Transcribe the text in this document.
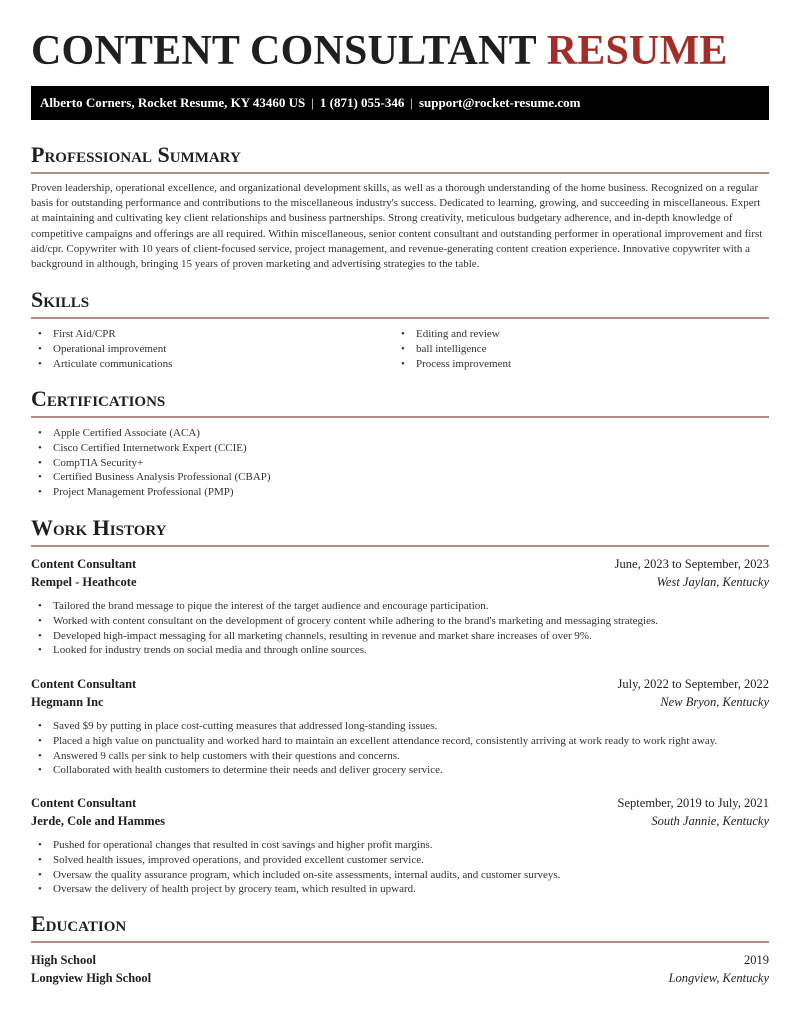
CONTENT CONSULTANT RESUME
Alberto Corners, Rocket Resume, KY 43460 US | 1 (871) 055-346 | support@rocket-resume.com
Professional Summary

Proven leadership, operational excellence, and organizational development skills, as well as a thorough understanding of the home business. Recognized on a regular basis for outstanding performance and contributions to the miscellaneous industry's success. Dedicated to learning, growing, and succeeding in miscellaneous. Expert at maintaining and cultivating key client relationships and business partnerships. Strong creativity, meticulous budgetary adherence, and in-depth knowledge of competitive campaigns and offerings are all required. Within miscellaneous, senior content consultant and outstanding performer in operational improvement and first aid/cpr. Copywriter with 10 years of client-focused service, project management, and revenue-generating content creation experience. Innovative copywriter with a background in although, bringing 15 years of proven marketing and advertising strategies to the table.

Skills
• First Aid/CPR
• Operational improvement
• Articulate communications
• Editing and review
• ball intelligence
• Process improvement
Certifications
• Apple Certified Associate (ACA)
• Cisco Certified Internetwork Expert (CCIE)
• CompTIA Security+
• Certified Business Analysis Professional (CBAP)
• Project Management Professional (PMP)
Work History
Content Consultant	June, 2023 to September, 2023
Rempel - Heathcote	West Jaylan, Kentucky
• Tailored the brand message to pique the interest of the target audience and encourage participation.
• Worked with content consultant on the development of grocery content while adhering to the brand's marketing and messaging strategies.
• Developed high-impact messaging for all marketing channels, resulting in revenue and market share increases of over 9%.
• Looked for industry trends on social media and through online sources.
Content Consultant	July, 2022 to September, 2022
Hegmann Inc	New Bryon, Kentucky
• Saved $9 by putting in place cost-cutting measures that addressed long-standing issues.
• Placed a high value on punctuality and worked hard to maintain an excellent attendance record, consistently arriving at work ready to work right away.
• Answered 9 calls per sink to help customers with their questions and concerns.
• Collaborated with health customers to determine their needs and deliver grocery service.
Content Consultant	September, 2019 to July, 2021
Jerde, Cole and Hammes	South Jannie, Kentucky
• Pushed for operational changes that resulted in cost savings and higher profit margins.
• Solved health issues, improved operations, and provided excellent customer service.
• Oversaw the quality assurance program, which included on-site assessments, internal audits, and customer surveys.
• Oversaw the delivery of health project by grocery team, which resulted in upward.
Education
High School	2019
Longview High School	Longview, Kentucky
